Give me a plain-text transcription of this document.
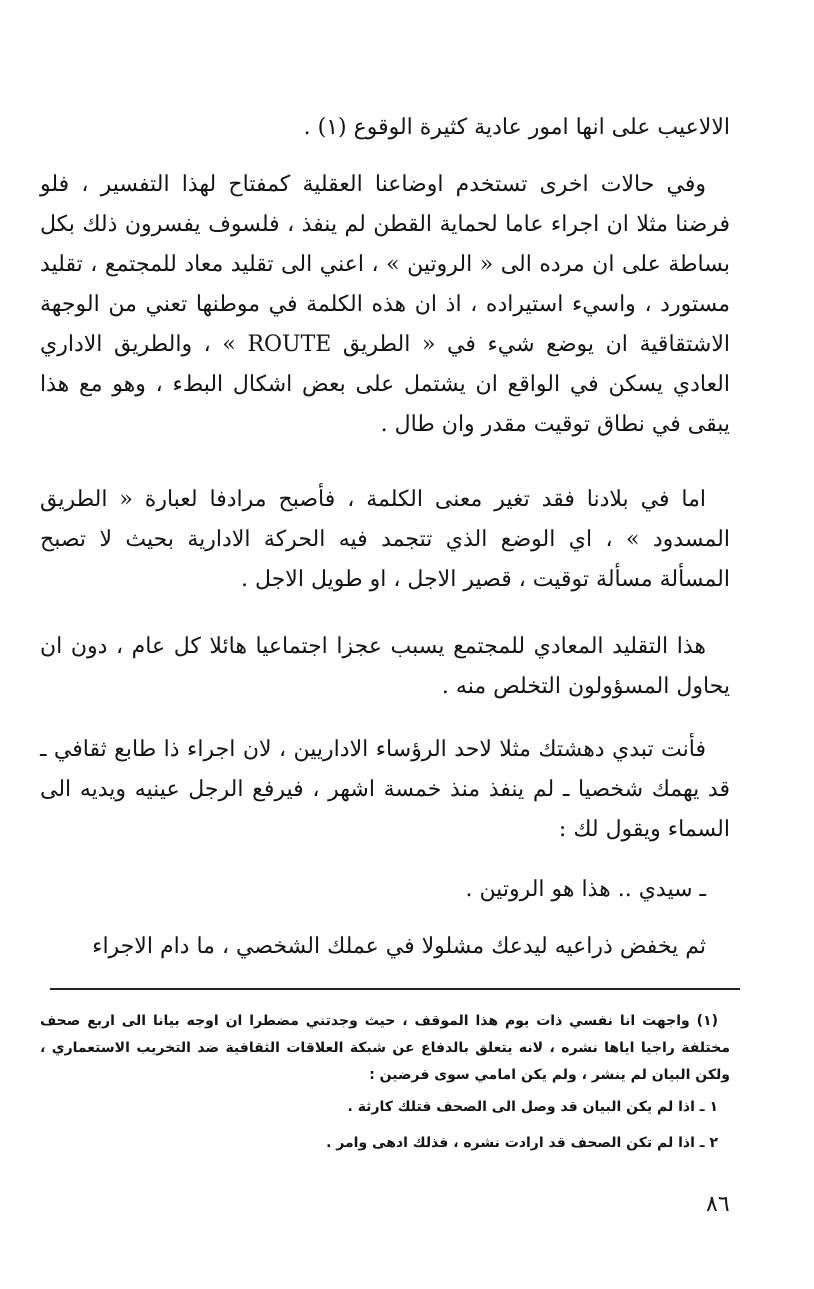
الالاعيب على انها امور عادية كثيرة الوقوع (١) .

وفي حالات اخرى تستخدم اوضاعنا العقلية كمفتاح لهذا التفسير ، فلو فرضنا مثلا ان اجراء عاما لحماية القطن لم ينفذ ، فلسوف يفسرون ذلك بكل بساطة على ان مرده الى « الروتين » ، اعني الى تقليد معاد للمجتمع ، تقليد مستورد ، واسيء استيراده ، اذ ان هذه الكلمة في موطنها تعني من الوجهة الاشتقاقية ان يوضع شيء في « الطريق ROUTE » ، والطريق الاداري العادي يسكن في الواقع ان يشتمل على بعض اشكال البطء ، وهو مع هذا يبقى في نطاق توقيت مقدر وان طال .

اما في بلادنا فقد تغير معنى الكلمة ، فأصبح مرادفا لعبارة « الطريق المسدود » ، اي الوضع الذي تتجمد فيه الحركة الادارية بحيث لا تصبح المسألة مسألة توقيت ، قصير الاجل ، او طويل الاجل .

هذا التقليد المعادي للمجتمع يسبب عجزا اجتماعيا هائلا كل عام ، دون ان يحاول المسؤولون التخلص منه .

فأنت تبدي دهشتك مثلا لاحد الرؤساء الاداريين ، لان اجراء ذا طابع ثقافي ـ قد يهمك شخصيا ـ لم ينفذ منذ خمسة اشهر ، فيرفع الرجل عينيه ويديه الى السماء ويقول لك :

ـ سيدي .. هذا هو الروتين .

ثم يخفض ذراعيه ليدعك مشلولا في عملك الشخصي ، ما دام الاجراء

(١) واجهت انا نفسي ذات يوم هذا الموقف ، حيث وجدتني مضطرا ان اوجه بيانا الى اربع صحف مختلفة راجيا اياها نشره ، لانه يتعلق بالدفاع عن شبكة العلاقات الثقافية ضد التخريب الاستعماري ، ولكن البيان لم ينشر ، ولم يكن امامي سوى فرضين :

١ ـ اذا لم يكن البيان قد وصل الى الصحف فتلك كارثة .

٢ ـ اذا لم تكن الصحف قد ارادت نشره ، فذلك ادهى وامر .

٨٦
